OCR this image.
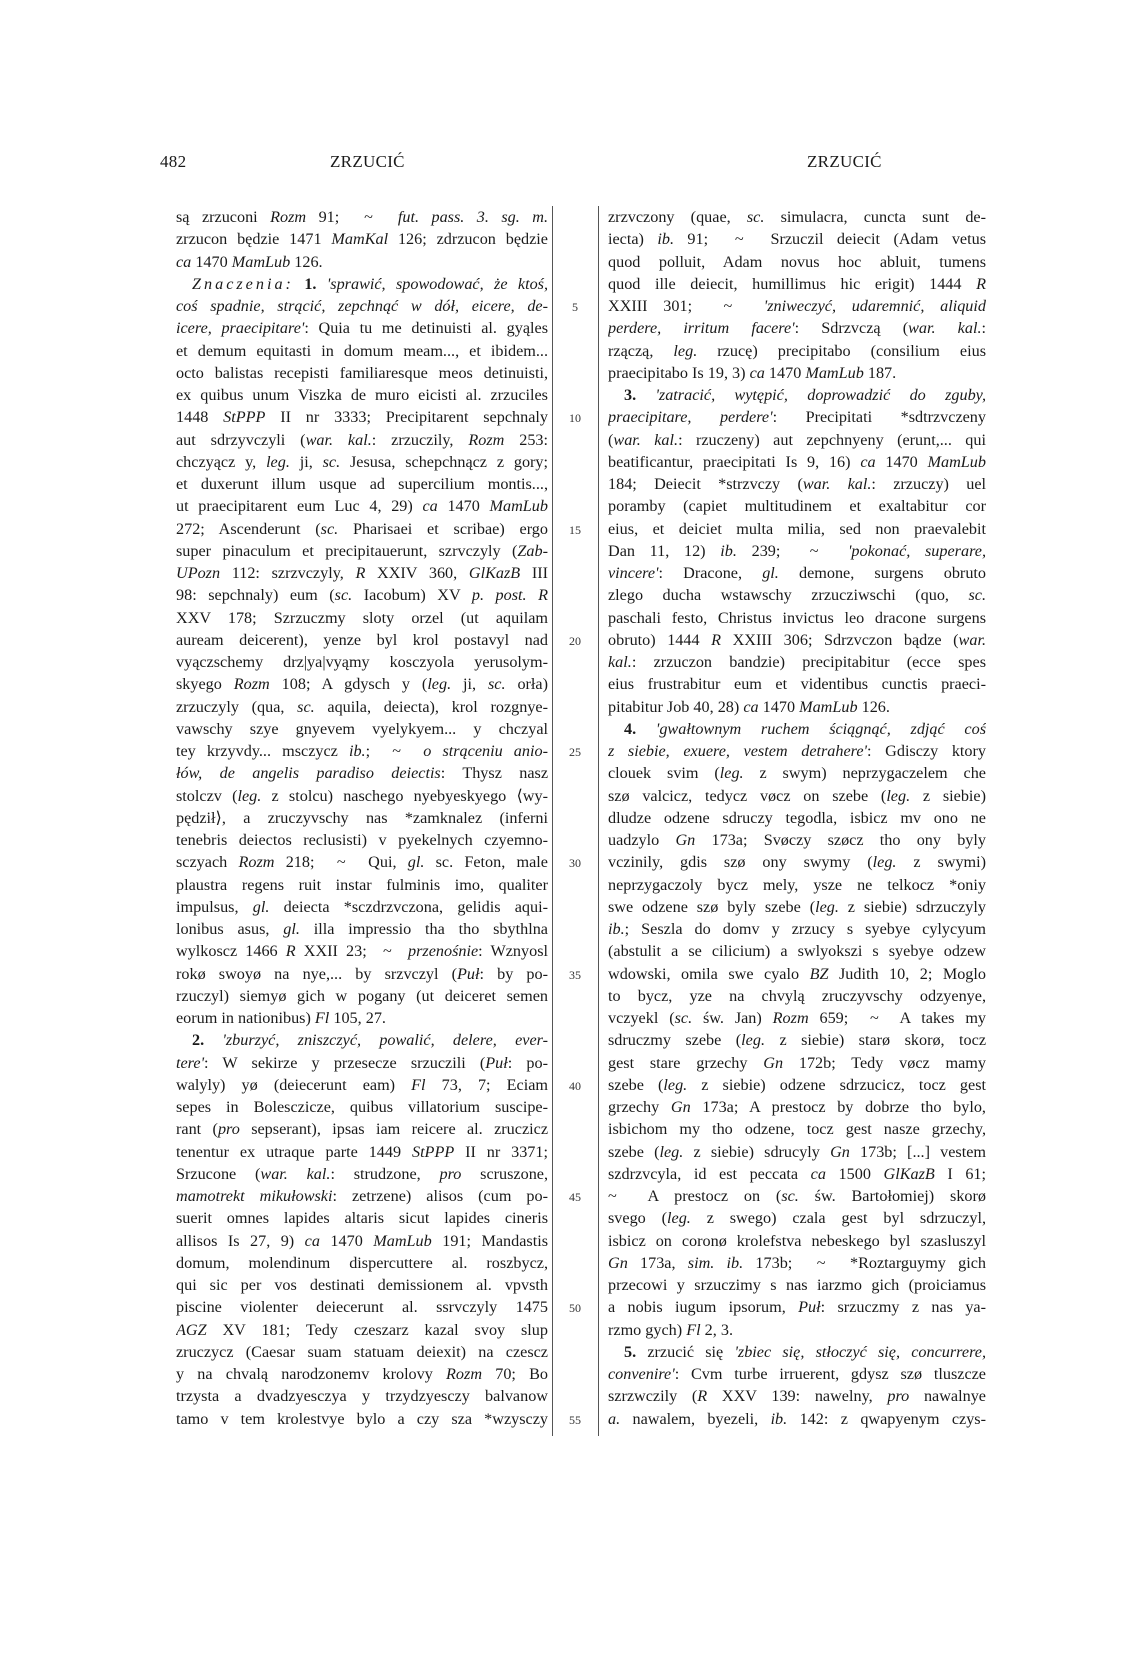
482	ZRZUCIĆ	ZRZUCIĆ
są zrzuconi Rozm 91;  ~  fut. pass. 3. sg. m.
zrzucon będzie 1471 MamKal 126; zdrzucon będzie
ca 1470 MamLub 126.
Znaczenia: 1. 'sprawić, spowodować, że ktoś,
coś spadnie, strącić, zepchnąć w dół, eicere, de-
icere, praecipitare': Quia tu me detinuisti al. gyąles
et demum equitasti in domum meam..., et ibidem...
octo balistas recepisti familiaresque meos detinuisti,
ex quibus unum Viszka de muro eicisti al. zrzuciles
1448 StPPP II nr 3333; Precipitarent sepchnaly
aut sdrzyvczyli (war. kal.: zrzuczily, Rozm 253:
chczyącz y, leg. ji, sc. Jesusa, schepchnącz z gory;
et duxerunt illum usque ad supercilium montis...,
ut praecipitarent eum Luc 4, 29) ca 1470 MamLub
272; Ascenderunt (sc. Pharisaei et scribae) ergo
super pinaculum et precipitauerunt, szrvczyly (Zab-
UPozn 112: szrzvczyly, R XXIV 360, GlKazB III
98: sepchnaly) eum (sc. Iacobum) XV p. post. R
XXV 178; Szrzuczmy sloty orzel (ut aquilam
auream deicerent), yenze byl krol postavyl nad
vyączschemy drz|ya|vyąmy kosczyola yerusolym-
skyego Rozm 108; A gdysch y (leg. ji, sc. orła)
zrzuczyly (qua, sc. aquila, deiecta), krol rozgnye-
vawschy szye gnyevem vyelykyem... y chczyal
tey krzyvdy... msczycz ib.;  ~  o strąceniu anio-
łów, de angelis paradiso deiectis: Thysz nasz
stolczv (leg. z stolcu) naschego nyebyeskyego ⟨wy-
pędził⟩, a zruczyvschy nas *zamknalez (inferni
tenebris deiectos reclusisti) v pyekelnych czyemno-
sczyach Rozm 218;  ~  Qui, gl. sc. Feton, male
plaustra regens ruit instar fulminis imo, qualiter
impulsus, gl. deiecta *sczdrzvczona, gelidis aqui-
lonibus asus, gl. illa impressio tha tho sbythlna
wylkoscz 1466 R XXII 23;  ~  przenośnie: Wznyosl
rokø swoyø na nye,... by srzvczyl (Puł: by po-
rzuczyl) siemyø gich w pogany (ut deiceret semen
eorum in nationibus) Fl 105, 27.
2. 'zburzyć, zniszczyć, powalić, delere, ever-
tere': W sekirze y przesecze srzuczili (Puł: po-
walyly) yø (deiecerunt eam) Fl 73, 7; Eciam
sepes in Bolesczicze, quibus villatorium suscipe-
rant (pro sepserant), ipsas iam reicere al. zruczicz
tenentur ex utraque parte 1449 StPPP II nr 3371;
Srzucone (war. kal.: strudzone, pro scruszone,
mamotrekt mikułowski: zetrzene) alisos (cum po-
suerit omnes lapides altaris sicut lapides cineris
allisos Is 27, 9) ca 1470 MamLub 191; Mandastis
domum, molendinum dispercuttere al. roszbycz,
qui sic per vos destinati demissionem al. vpvsth
piscine violenter deiecerunt al. ssrvczyly 1475
AGZ XV 181; Tedy czeszarz kazal svoy slup
zruczycz (Caesar suam statuam deiexit) na czescz
y na chvalą narodzonemv krolovy Rozm 70; Bo
trzysta a dvadzyesczya y trzydzyesczy balvanow
tamo v tem krolestvye bylo a czy sza *wzysczy
5
10
15
20
25
30
35
40
45
50
55
zrzvczony (quae, sc. simulacra, cuncta sunt de-
iecta) ib. 91;  ~  Srzuczil deiecit (Adam vetus
quod polluit, Adam novus hoc abluit, tumens
quod ille deiecit, humillimus hic erigit) 1444 R
XXIII 301;  ~  'zniweczyć, udaremnić, aliquid
perdere, irritum facere': Sdrzvczą (war. kal.:
rzączą, leg. rzucę) precipitabo (consilium eius
praecipitabo Is 19, 3) ca 1470 MamLub 187.
3. 'zatracić, wytępić, doprowadzić do zguby,
praecipitare, perdere': Precipitati *sdtrzvczeny
(war. kal.: rzuczeny) aut zepchnyeny (erunt,... qui
beatificantur, praecipitati Is 9, 16) ca 1470 MamLub
184; Deiecit *strzvczy (war. kal.: zrzuczy) uel
poramby (capiet multitudinem et exaltabitur cor
eius, et deiciet multa milia, sed non praevalebit
Dan 11, 12) ib. 239;  ~  'pokonać, superare,
vincere': Dracone, gl. demone, surgens obruto
zlego ducha wstawschy zrzucziwschi (quo, sc.
paschali festo, Christus invictus leo dracone surgens
obruto) 1444 R XXIII 306; Sdrzvczon bądze (war.
kal.: zrzuczon bandzie) precipitabitur (ecce spes
eius frustrabitur eum et videntibus cunctis praeci-
pitabitur Job 40, 28) ca 1470 MamLub 126.
4. 'gwałtownym ruchem ściągnąć, zdjąć coś
z siebie, exuere, vestem detrahere': Gdisczy ktory
clouek svim (leg. z swym) neprzygaczelem che
szø valcicz, tedycz vøcz on szebe (leg. z siebie)
dludze odzene sdruczy tegodla, isbicz mv ono ne
uadzylo Gn 173a; Svøczy szøcz tho ony byly
vczinily, gdis szø ony swymy (leg. z swymi)
neprzygaczoly bycz mely, ysze ne telkocz *oniy
swe odzene szø byly szebe (leg. z siebie) sdrzuczyly
ib.; Seszla do domv y zrzucy s syebye cylycyum
(abstulit a se cilicium) a swlyokszi s syebye odzew
wdowski, omila swe cyalo BZ Judith 10, 2; Moglo
to bycz, yze na chvylą zruczyvschy odzyenye,
vczyekl (sc. św. Jan) Rozm 659;  ~  A takes my
sdruczmy szebe (leg. z siebie) starø skorø, tocz
gest stare grzechy Gn 172b; Tedy vøcz mamy
szebe (leg. z siebie) odzene sdrzucicz, tocz gest
grzechy Gn 173a; A prestocz by dobrze tho bylo,
isbichom my tho odzene, tocz gest nasze grzechy,
szebe (leg. z siebie) sdrucyly Gn 173b; [...] vestem
szdrzvcyla, id est peccata ca 1500 GlKazB I 61;
~  A prestocz on (sc. św. Bartołomiej) skorø
svego (leg. z swego) czala gest byl sdrzuczyl,
isbicz on coronø krolefstva nebeskego byl szasluszyl
Gn 173a, sim. ib. 173b;  ~  *Roztarguymy gich
przecowi y srzuczimy s nas iarzmo gich (proiciamus
a nobis iugum ipsorum, Puł: srzuczmy z nas ya-
rzmo gych) Fl 2, 3.
5. zrzucić się 'zbiec się, stłoczyć się, concurrere,
convenire': Cvm turbe irruerent, gdysz szø tluszcze
szrzwczily (R XXV 139: nawelny, pro nawalnye
a. nawalem, byezeli, ib. 142: z qwapyenym czys-
